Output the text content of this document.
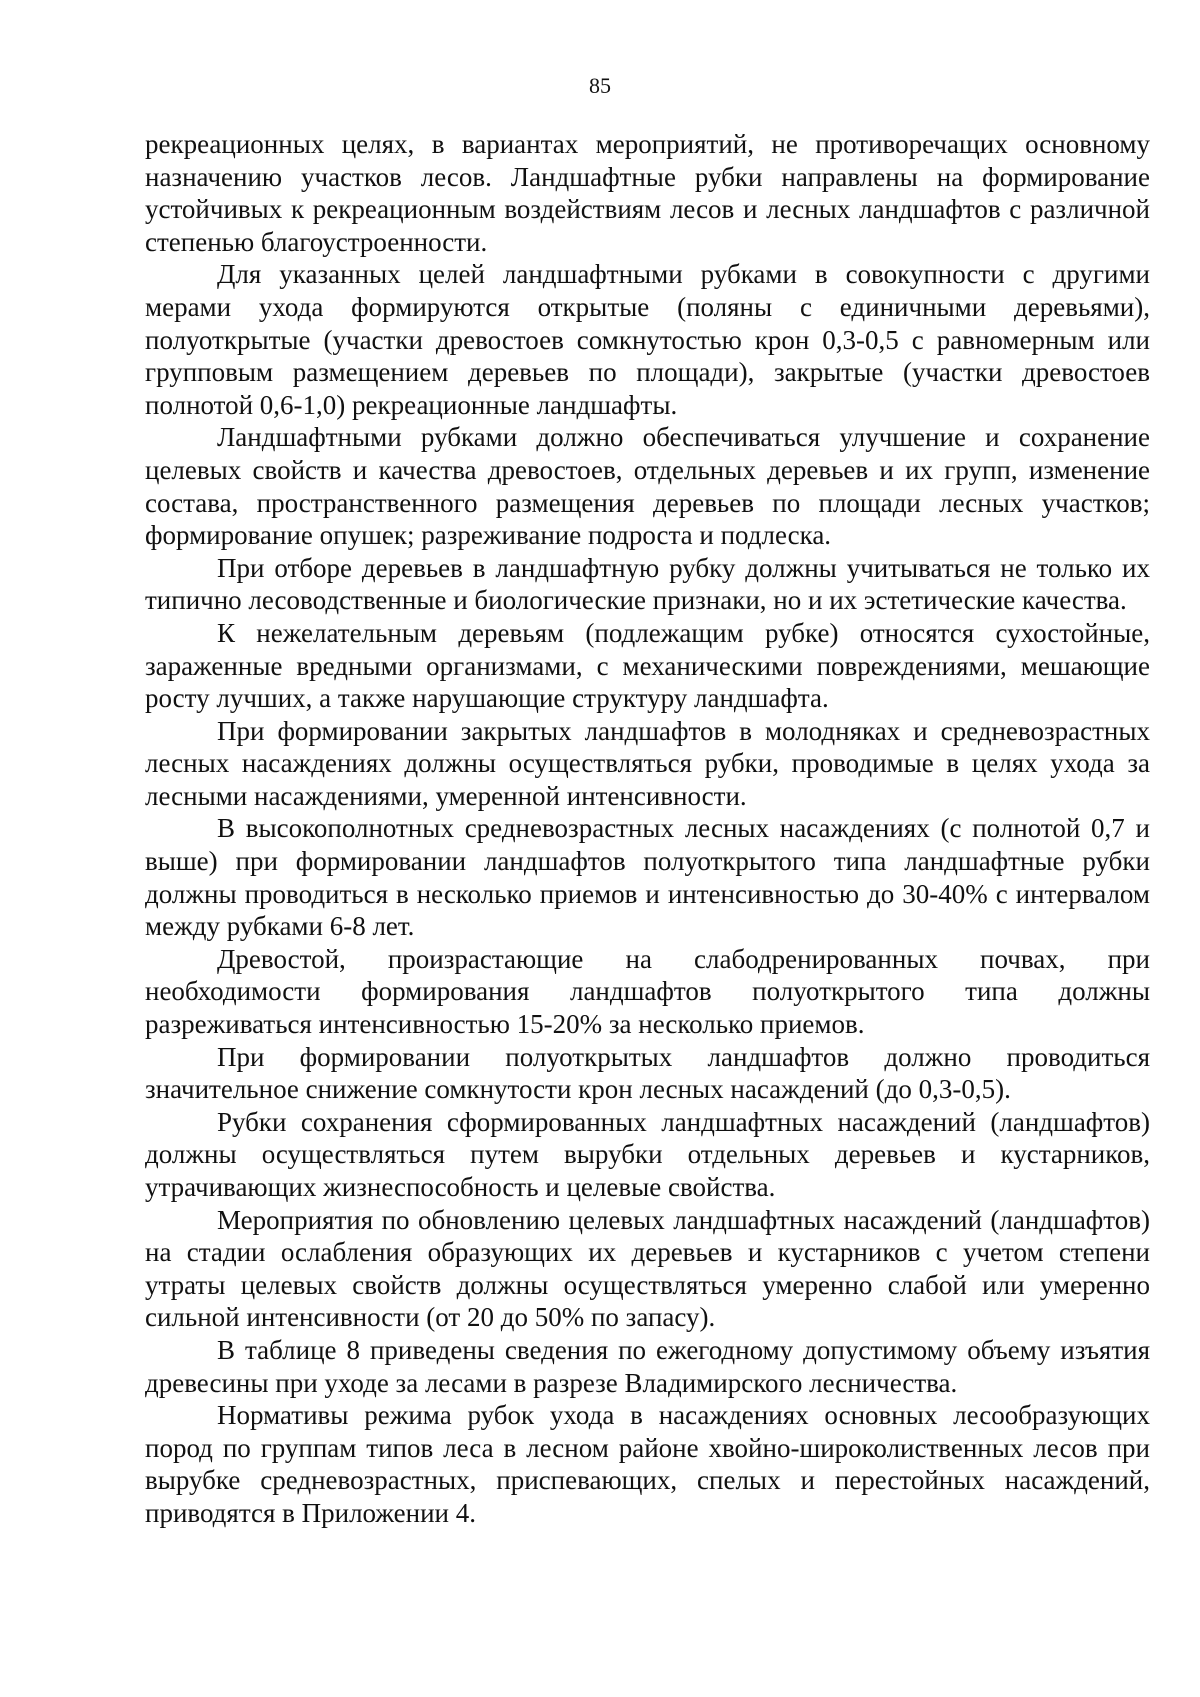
85

рекреационных целях, в вариантах мероприятий, не противоречащих основному назначению участков лесов. Ландшафтные рубки направлены на формирование устойчивых к рекреационным воздействиям лесов и лесных ландшафтов с различной степенью благоустроенности.

Для указанных целей ландшафтными рубками в совокупности с другими мерами ухода формируются открытые (поляны с единичными деревьями), полуоткрытые (участки древостоев сомкнутостью крон 0,3-0,5 с равномерным или групповым размещением деревьев по площади), закрытые (участки древостоев полнотой 0,6-1,0) рекреационные ландшафты.

Ландшафтными рубками должно обеспечиваться улучшение и сохранение целевых свойств и качества древостоев, отдельных деревьев и их групп, изменение состава, пространственного размещения деревьев по площади лесных участков; формирование опушек; разреживание подроста и подлеска.

При отборе деревьев в ландшафтную рубку должны учитываться не только их типично лесоводственные и биологические признаки, но и их эстетические качества.

К нежелательным деревьям (подлежащим рубке) относятся сухостойные, зараженные вредными организмами, с механическими повреждениями, мешающие росту лучших, а также нарушающие структуру ландшафта.

При формировании закрытых ландшафтов в молодняках и средневозрастных лесных насаждениях должны осуществляться рубки, проводимые в целях ухода за лесными насаждениями, умеренной интенсивности.

В высокополнотных средневозрастных лесных насаждениях (с полнотой 0,7 и выше) при формировании ландшафтов полуоткрытого типа ландшафтные рубки должны проводиться в несколько приемов и интенсивностью до 30-40% с интервалом между рубками 6-8 лет.

Древостой, произрастающие на слабодренированных почвах, при необходимости формирования ландшафтов полуоткрытого типа должны разреживаться интенсивностью 15-20% за несколько приемов.

При формировании полуоткрытых ландшафтов должно проводиться значительное снижение сомкнутости крон лесных насаждений (до 0,3-0,5).

Рубки сохранения сформированных ландшафтных насаждений (ландшафтов) должны осуществляться путем вырубки отдельных деревьев и кустарников, утрачивающих жизнеспособность и целевые свойства.

Мероприятия по обновлению целевых ландшафтных насаждений (ландшафтов) на стадии ослабления образующих их деревьев и кустарников с учетом степени утраты целевых свойств должны осуществляться умеренно слабой или умеренно сильной интенсивности (от 20 до 50% по запасу).

В таблице 8 приведены сведения по ежегодному допустимому объему изъятия древесины при уходе за лесами в разрезе Владимирского лесничества.

Нормативы режима рубок ухода в насаждениях основных лесообразующих пород по группам типов леса в лесном районе хвойно-широколиственных лесов при вырубке средневозрастных, приспевающих, спелых и перестойных насаждений, приводятся в Приложении 4.
